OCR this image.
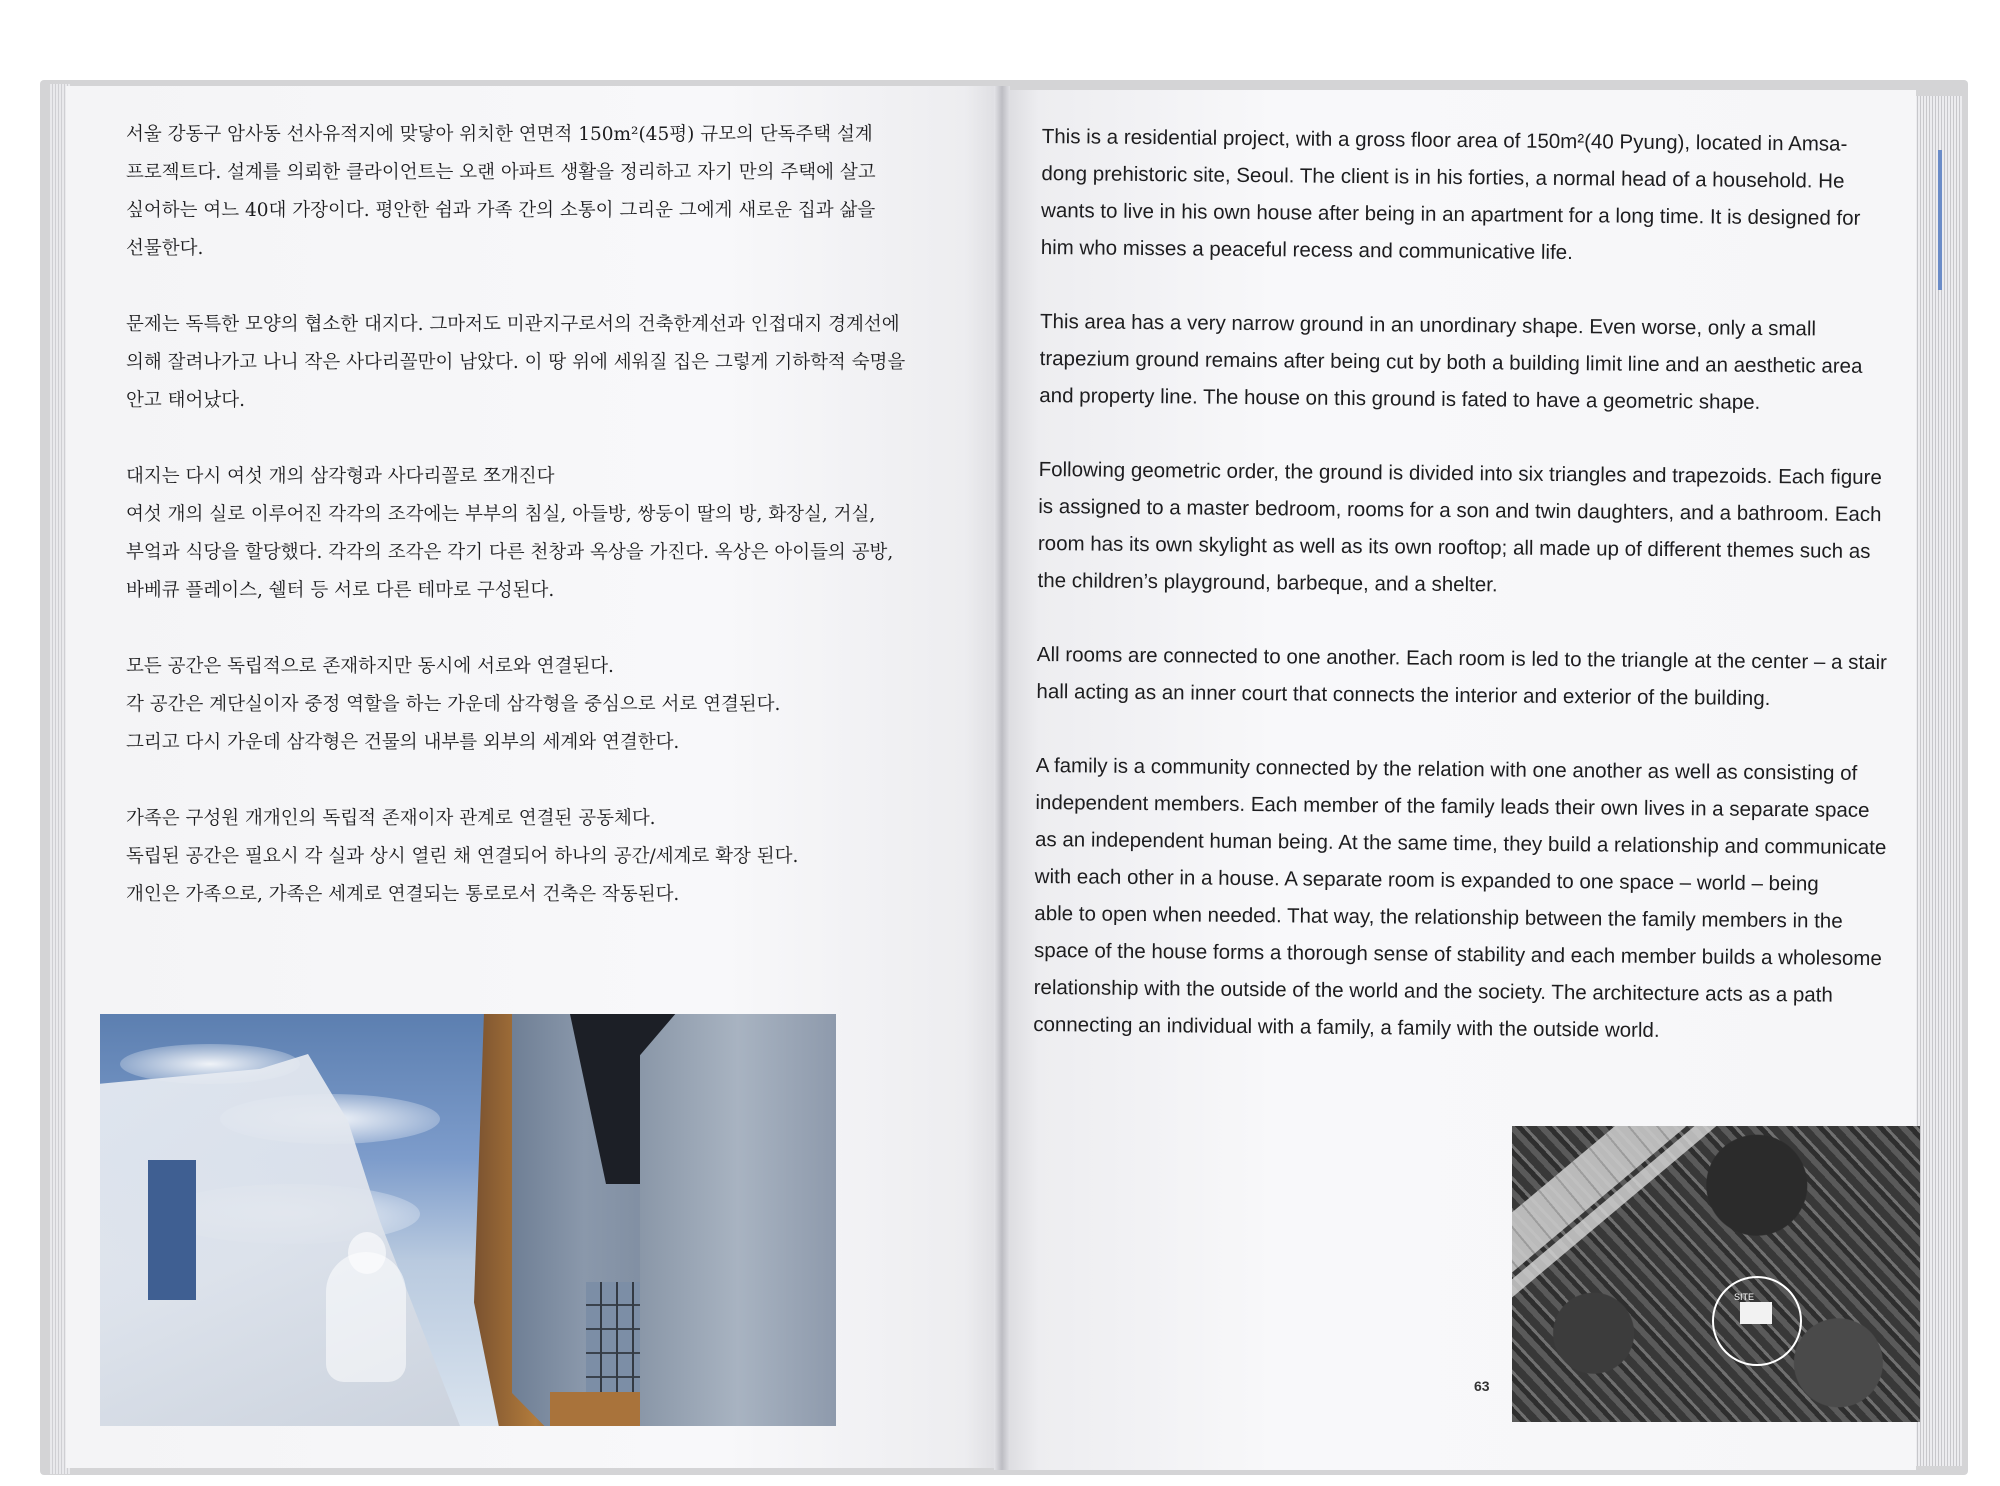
서울 강동구 암사동 선사유적지에 맞닿아 위치한 연면적 150m²(45평) 규모의 단독주택 설계
프로젝트다. 설계를 의뢰한 클라이언트는 오랜 아파트 생활을 정리하고 자기 만의 주택에 살고
싶어하는 여느 40대 가장이다. 평안한 쉼과 가족 간의 소통이 그리운 그에게 새로운 집과 삶을
선물한다.

문제는 독특한 모양의 협소한 대지다. 그마저도 미관지구로서의 건축한계선과 인접대지 경계선에
의해 잘려나가고 나니 작은 사다리꼴만이 남았다. 이 땅 위에 세워질 집은 그렇게 기하학적 숙명을
안고 태어났다.

대지는 다시 여섯 개의 삼각형과 사다리꼴로 쪼개진다
여섯 개의 실로 이루어진 각각의 조각에는 부부의 침실, 아들방, 쌍둥이 딸의 방, 화장실, 거실,
부엌과 식당을 할당했다. 각각의 조각은 각기 다른 천창과 옥상을 가진다. 옥상은 아이들의 공방,
바베큐 플레이스, 쉘터 등 서로 다른 테마로 구성된다.

모든 공간은 독립적으로 존재하지만 동시에 서로와 연결된다.
각 공간은 계단실이자 중정 역할을 하는 가운데 삼각형을 중심으로 서로 연결된다.
그리고 다시 가운데 삼각형은 건물의 내부를 외부의 세계와 연결한다.

가족은 구성원 개개인의 독립적 존재이자 관계로 연결된 공동체다.
독립된 공간은 필요시 각 실과 상시 열린 채 연결되어 하나의 공간/세계로 확장 된다.
개인은 가족으로, 가족은 세계로 연결되는 통로로서 건축은 작동된다.

This is a residential project, with a gross floor area of 150m²(40 Pyung), located in Amsa-
dong prehistoric site, Seoul. The client is in his forties, a normal head of a household. He
wants to live in his own house after being in an apartment for a long time. It is designed for
him who misses a peaceful recess and communicative life.

This area has a very narrow ground in an unordinary shape. Even worse, only a small
trapezium ground remains after being cut by both a building limit line and an aesthetic area
and property line. The house on this ground is fated to have a geometric shape.

Following geometric order, the ground is divided into six triangles and trapezoids. Each figure
is assigned to a master bedroom, rooms for a son and twin daughters, and a bathroom. Each
room has its own skylight as well as its own rooftop; all made up of different themes such as
the children’s playground, barbeque, and a shelter.

All rooms are connected to one another. Each room is led to the triangle at the center – a stair
hall acting as an inner court that connects the interior and exterior of the building.

A family is a community connected by the relation with one another as well as consisting of
independent members. Each member of the family leads their own lives in a separate space
as an independent human being. At the same time, they build a relationship and communicate
with each other in a house. A separate room is expanded to one space – world – being
able to open when needed. That way, the relationship between the family members in the
space of the house forms a thorough sense of stability and each member builds a wholesome
relationship with the outside of the world and the society. The architecture acts as a path
connecting an individual with a family, a family with the outside world.

63
SITE
